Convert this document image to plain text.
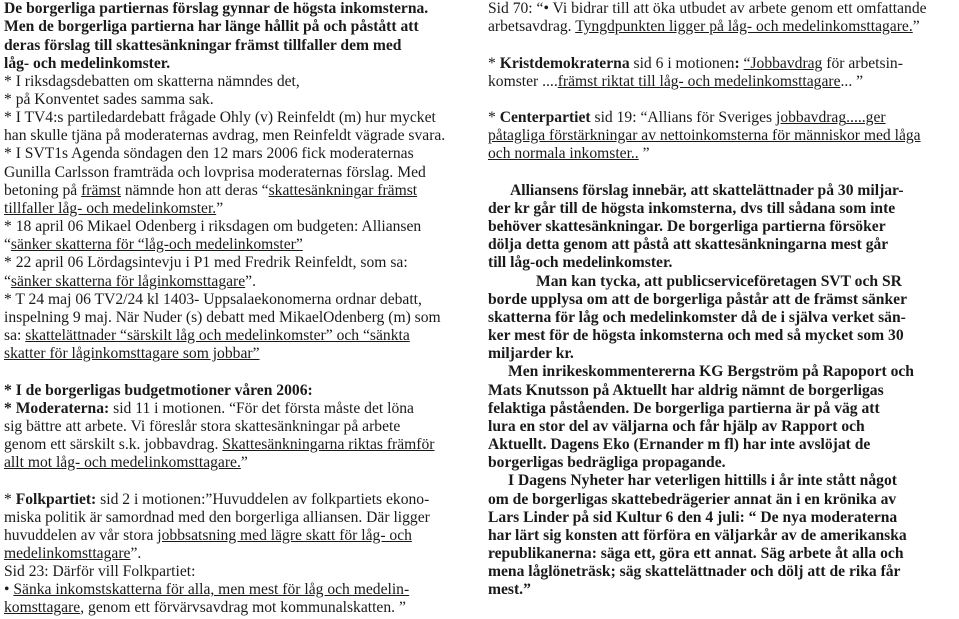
De borgerliga partiernas förslag gynnar de högsta inkomsterna.
Men de borgerliga partierna har länge hållit på och påstått att
deras förslag till skattesänkningar främst tillfaller dem med
låg- och medelinkomster.
* I riksdagsdebatten om skatterna nämndes det,
* på Konventet sades samma sak.
* I TV4:s partiledardebatt frågade Ohly (v) Reinfeldt (m) hur mycket
han skulle tjäna på moderaternas avdrag, men Reinfeldt vägrade svara.
* I SVT1s Agenda söndagen den 12 mars 2006 fick moderaternas
Gunilla Carlsson framträda och lovprisa moderaternas förslag. Med
betoning på främst nämnde hon att deras “skattesänkningar främst
tillfaller låg- och medelinkomster.”
* 18 april 06 Mikael Odenberg i riksdagen om budgeten: Alliansen
“sänker skatterna för “låg-och medelinkomster”
* 22 april 06 Lördagsintevju i P1 med Fredrik Reinfeldt, som sa:
“sänker skatterna för låginkomsttagare”.
* T 24 maj 06 TV2/24 kl 1403- Uppsalaekonomerna ordnar debatt,
inspelning 9 maj. När Nuder (s) debatt med MikaelOdenberg (m) som
sa: skattelättnader “särskilt låg och medelinkomster” och “sänkta
skatter för låginkomsttagare som jobbar”
* I de borgerligas budgetmotioner våren 2006:
* Moderaterna: sid 11 i motionen. “För det första måste det löna
sig bättre att arbete. Vi föreslår stora skattesänkningar på arbete
genom ett särskilt s.k. jobbavdrag. Skattesänkningarna riktas främför
allt mot låg- och medelinkomsttagare.”
* Folkpartiet: sid 2 i motionen:”Huvuddelen av folkpartiets ekono-
miska politik är samordnad med den borgerliga alliansen. Där ligger
huvuddelen av vår stora jobbsatsning med lägre skatt för låg- och
medelinkomsttagare”.
Sid 23: Därför vill Folkpartiet:
• Sänka inkomstskatterna för alla, men mest för låg och medelin-
komsttagare, genom ett förvärvsavdrag mot kommunalskatten. ”
Sid 70: “• Vi bidrar till att öka utbudet av arbete genom ett omfattande
arbetsavdrag. Tyngdpunkten ligger på låg- och medelinkomsttagare.”
* Kristdemokraterna sid 6 i motionen: “Jobbavdrag för arbetsin-
komster ....främst riktat till låg- och medelinkomsttagare... ”
* Centerpartiet sid 19: “Allians för Sveriges jobbavdrag.....ger
påtagliga förstärkningar av nettoinkomsterna för människor med låga
och normala inkomster.. ”
Alliansens förslag innebär, att skattelättnader på 30 miljar-
der kr går till de högsta inkomsterna, dvs till sådana som inte
behöver skattesänkningar. De borgerliga partierna försöker
dölja detta genom att påstå att skattesänkningarna mest går
till låg-och medelinkomster.
Man kan tycka, att publicserviceföretagen SVT och SR
borde upplysa om att de borgerliga påstår att de främst sänker
skatterna för låg och medelinkomster då de i själva verket sän-
ker mest för de högsta inkomsterna och med så mycket som 30
miljarder kr.
Men inrikeskommentererna KG Bergström på Rapoport och
Mats Knutsson på Aktuellt har aldrig nämnt de borgerligas
felaktiga påståenden. De borgerliga partierna är på väg att
lura en stor del av väljarna och får hjälp av Rapport och
Aktuellt. Dagens Eko (Ernander m fl) har inte avslöjat de
borgerligas bedrägliga propagande.
I Dagens Nyheter har veterligen hittills i år inte stått något
om de borgerligas skattebedrägerier annat än i en krönika av
Lars Linder på sid Kultur 6 den 4 juli: “ De nya moderaterna
har lärt sig konsten att förföra en väljarkår av de amerikanska
republikanerna: säga ett, göra ett annat. Säg arbete åt alla och
mena låglöneträsk; säg skattelättnader och dölj att de rika får
mest.”
